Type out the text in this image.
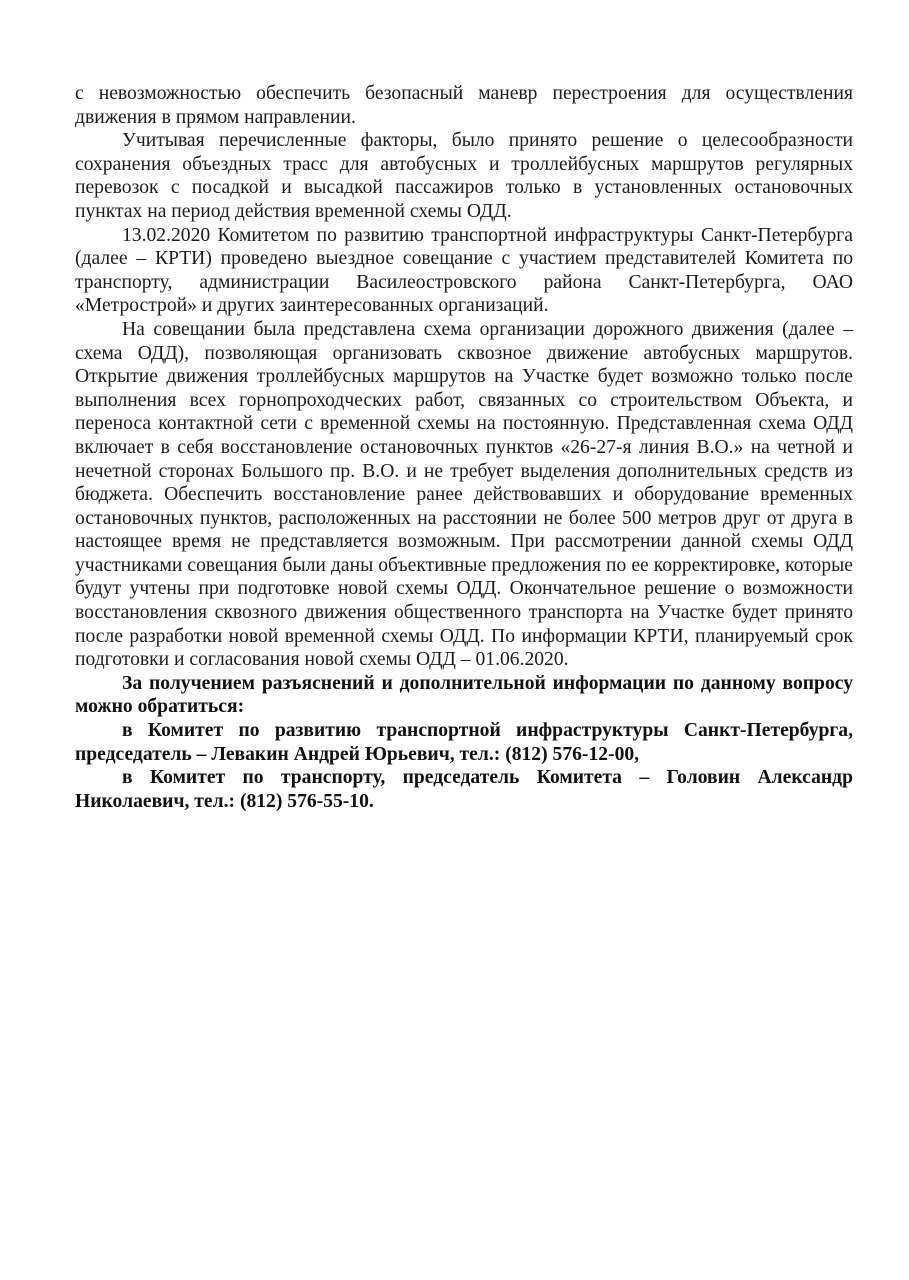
с невозможностью обеспечить безопасный маневр перестроения для осуществления движения в прямом направлении.

Учитывая перечисленные факторы, было принято решение о целесообразности сохранения объездных трасс для автобусных и троллейбусных маршрутов регулярных перевозок с посадкой и высадкой пассажиров только в установленных остановочных пунктах на период действия временной схемы ОДД.

13.02.2020 Комитетом по развитию транспортной инфраструктуры Санкт-Петербурга (далее – КРТИ) проведено выездное совещание с участием представителей Комитета по транспорту, администрации Василеостровского района Санкт-Петербурга, ОАО «Метрострой» и других заинтересованных организаций.

На совещании была представлена схема организации дорожного движения (далее – схема ОДД), позволяющая организовать сквозное движение автобусных маршрутов. Открытие движения троллейбусных маршрутов на Участке будет возможно только после выполнения всех горнопроходческих работ, связанных со строительством Объекта, и переноса контактной сети с временной схемы на постоянную. Представленная схема ОДД включает в себя восстановление остановочных пунктов «26-27-я линия В.О.» на четной и нечетной сторонах Большого пр. В.О. и не требует выделения дополнительных средств из бюджета. Обеспечить восстановление ранее действовавших и оборудование временных остановочных пунктов, расположенных на расстоянии не более 500 метров друг от друга в настоящее время не представляется возможным. При рассмотрении данной схемы ОДД участниками совещания были даны объективные предложения по ее корректировке, которые будут учтены при подготовке новой схемы ОДД. Окончательное решение о возможности восстановления сквозного движения общественного транспорта на Участке будет принято после разработки новой временной схемы ОДД. По информации КРТИ, планируемый срок подготовки и согласования новой схемы ОДД – 01.06.2020.

За получением разъяснений и дополнительной информации по данному вопросу можно обратиться:

в Комитет по развитию транспортной инфраструктуры Санкт-Петербурга, председатель – Левакин Андрей Юрьевич, тел.: (812) 576-12-00,

в Комитет по транспорту, председатель Комитета – Головин Александр Николаевич, тел.: (812) 576-55-10.
